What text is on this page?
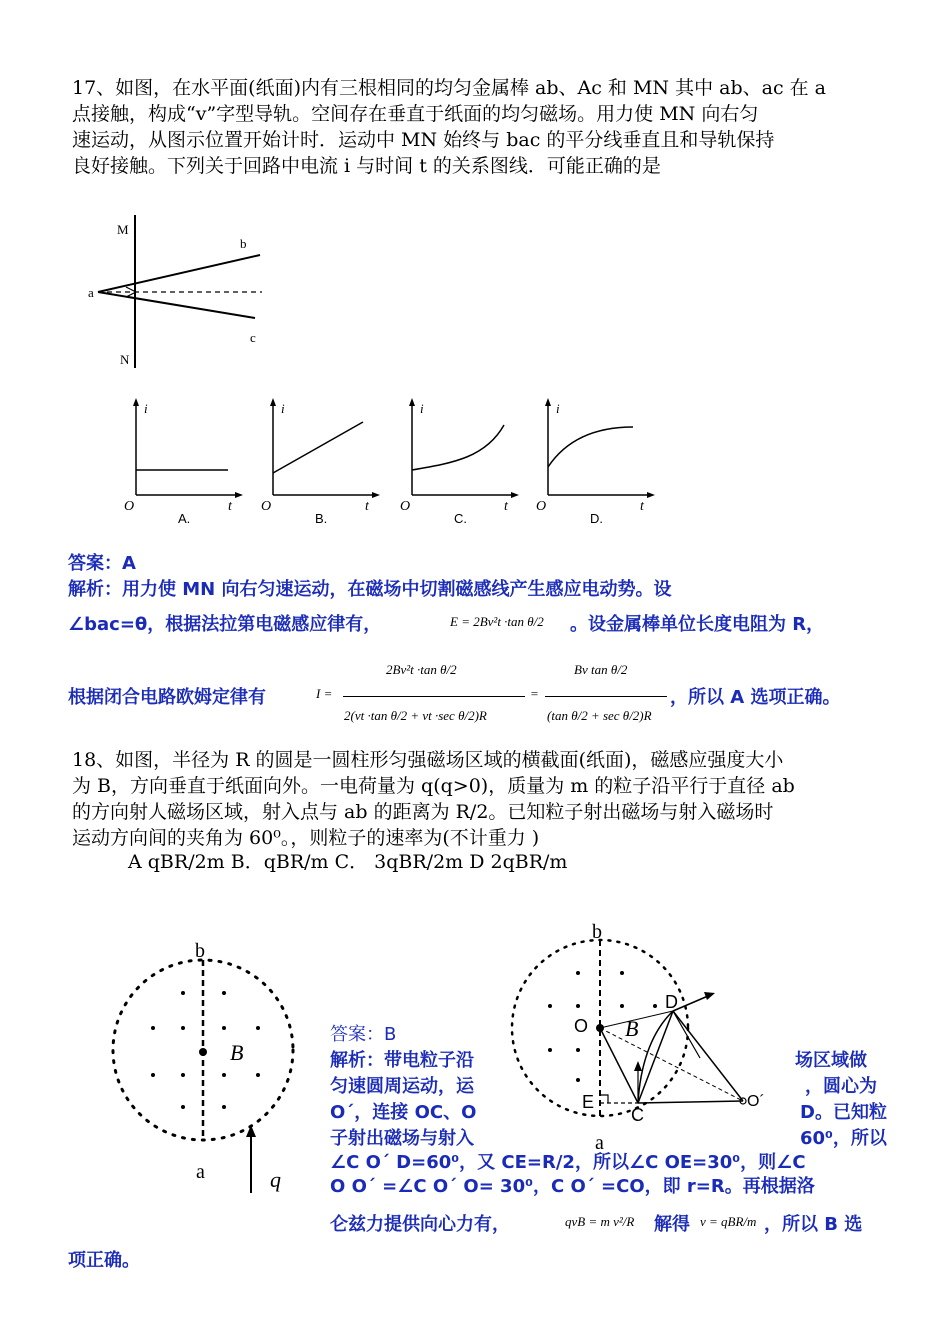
17、如图，在水平面(纸面)内有三根相同的均匀金属棒 ab、Ac 和 MN 其中 ab、ac 在 a
点接触，构成“v”字型导轨。空间存在垂直于纸面的均匀磁场。用力使 MN 向右匀
速运动，从图示位置开始计时．运动中 MN 始终与 bac 的平分线垂直且和导轨保持
良好接触。下列关于回路中电流 i 与时间 t 的关系图线．可能正确的是
M
a
b
c
N
i
O	t
A.
i
O	t
B.
i
O	t
C.
i
O	t
D.
答案：A
解析：用力使 MN 向右匀速运动，在磁场中切割磁感线产生感应电动势。设
∠bac=θ，根据法拉第电磁感应律有，	E = 2Bv²t ·tan θ/2 。设金属棒单位长度电阻为 R，
根据闭合电路欧姆定律有	I =
2Bv²t ·tan θ/2
2(vt ·tan θ/2 + vt ·sec θ/2)R
=
Bv tan θ/2
(tan θ/2 + sec θ/2)R
，所以 A 选项正确。
18、如图，半径为 R 的圆是一圆柱形匀强磁场区域的横截面(纸面)，磁感应强度大小
为 B，方向垂直于纸面向外。一电荷量为 q(q>0)，质量为 m 的粒子沿平行于直径 ab
的方向射人磁场区域，射入点与 ab 的距离为 R/2。已知粒子射出磁场与射入磁场时
运动方向间的夹角为 60⁰。，则粒子的速率为(不计重力 )
A qBR/2m B．qBR/m C． 3qBR/2m D 2qBR/m
b
B
a	q
b
a
O B
D
E
C
O´
答案：B
解析：带电粒子沿	场区域做
匀速圆周运动，运	，圆心为
O´，连接 OC、O	D。已知粒
子射出磁场与射入	60⁰，所以
∠C O´ D=60⁰，又 CE=R/2，所以∠C OE=30⁰，则∠C
O O´ =∠C O´ O= 30⁰，C O´ =CO，即 r=R。再根据洛
仑兹力提供向心力有，	qvB = m v²/R 解得 v = qBR/m ，所以 B 选
项正确。
